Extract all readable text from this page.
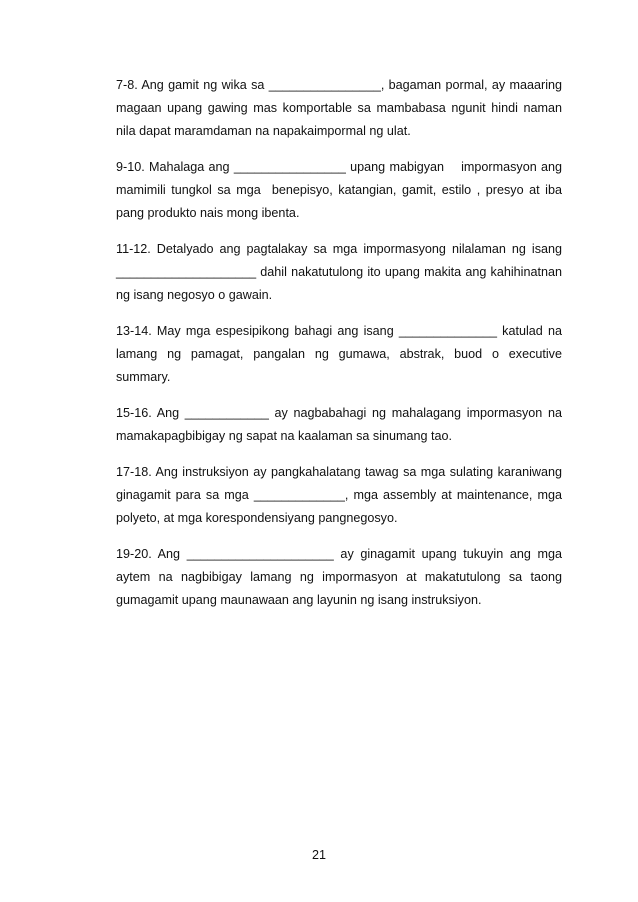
7-8. Ang gamit ng wika sa ________________, bagaman pormal, ay maaaring magaan upang gawing mas komportable sa mambabasa ngunit hindi naman nila dapat maramdaman na napakaimpormal ng ulat.

9-10. Mahalaga ang ________________ upang mabigyan    impormasyon ang mamimili tungkol sa mga  benepisyo, katangian, gamit, estilo , presyo at iba pang produkto nais mong ibenta.

11-12. Detalyado ang pagtalakay sa mga impormasyong nilalaman ng isang ____________________ dahil nakatutulong ito upang makita ang kahihinatnan ng isang negosyo o gawain.

13-14. May mga espesipikong bahagi ang isang ______________ katulad na lamang ng pamagat, pangalan ng gumawa, abstrak, buod o executive summary.

15-16. Ang ____________ ay nagbabahagi ng mahalagang impormasyon na mamakapagbibigay ng sapat na kaalaman sa sinumang tao.

17-18. Ang instruksiyon ay pangkahalatang tawag sa mga sulating karaniwang ginagamit para sa mga _____________, mga assembly at maintenance, mga polyeto, at mga korespondensiyang pangnegosyo.

19-20. Ang _____________________ ay ginagamit upang tukuyin ang mga aytem na nagbibigay lamang ng impormasyon at makatutulong sa taong gumagamit upang maunawaan ang layunin ng isang instruksiyon.

21
